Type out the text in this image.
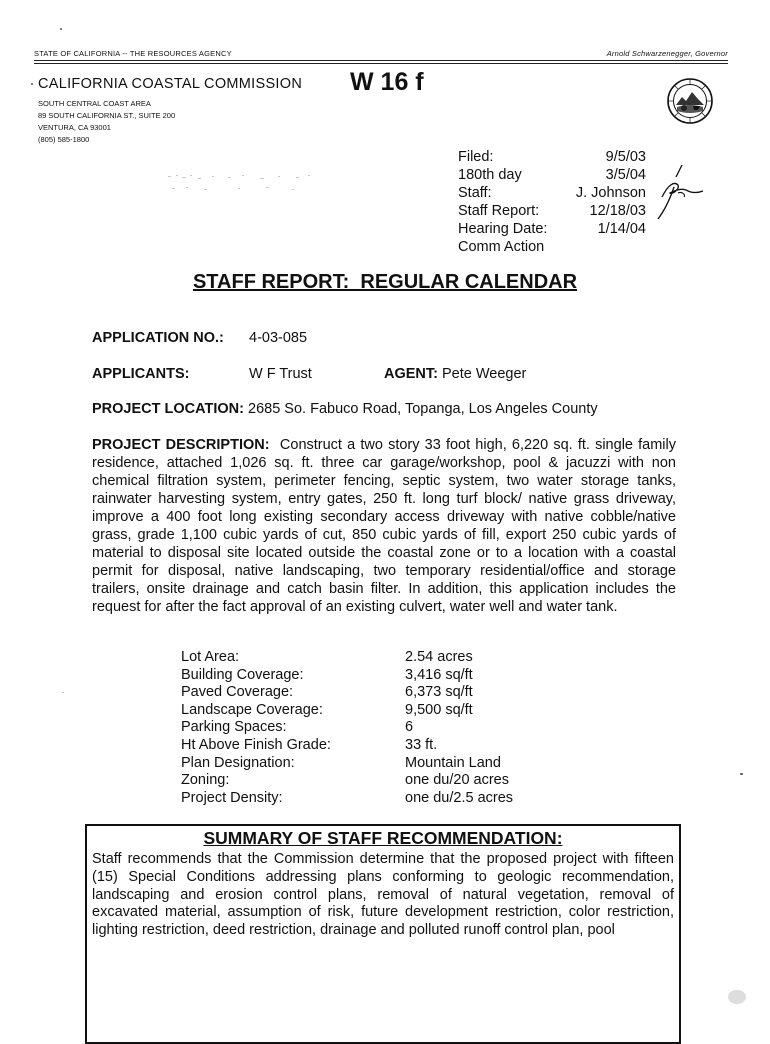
STATE OF CALIFORNIA -- THE RESOURCES AGENCY	Arnold Schwarzenegger, Governor
CALIFORNIA COASTAL COMMISSION W 16 f
SOUTH CENTRAL COAST AREA
89 SOUTH CALIFORNIA ST., SUITE 200
VENTURA, CA 93001
(805) 585-1800
Filed:	9/5/03
180th day	3/5/04
Staff:	J. Johnson
Staff Report:	12/18/03
Hearing Date:	1/14/04
Comm Action
STAFF REPORT:  REGULAR CALENDAR
APPLICATION NO.: 4-03-085
APPLICANTS:	W F Trust	AGENT: Pete Weeger
PROJECT LOCATION: 2685 So. Fabuco Road, Topanga, Los Angeles County
PROJECT DESCRIPTION: Construct a two story 33 foot high, 6,220 sq. ft. single family residence, attached 1,026 sq. ft. three car garage/workshop, pool & jacuzzi with non chemical filtration system, perimeter fencing, septic system, two water storage tanks, rainwater harvesting system, entry gates, 250 ft. long turf block/ native grass driveway, improve a 400 foot long existing secondary access driveway with native cobble/native grass, grade 1,100 cubic yards of cut, 850 cubic yards of fill, export 250 cubic yards of material to disposal site located outside the coastal zone or to a location with a coastal permit for disposal, native landscaping, two temporary residential/office and storage trailers, onsite drainage and catch basin filter. In addition, this application includes the request for after the fact approval of an existing culvert, water well and water tank.
Lot Area:	2.54 acres
Building Coverage:	3,416 sq/ft
Paved Coverage:	6,373 sq/ft
Landscape Coverage:	9,500 sq/ft
Parking Spaces:	6
Ht Above Finish Grade:	33 ft.
Plan Designation:	Mountain Land
Zoning:	one du/20 acres
Project Density:	one du/2.5 acres
SUMMARY OF STAFF RECOMMENDATION:
Staff recommends that the Commission determine that the proposed project with fifteen (15) Special Conditions addressing plans conforming to geologic recommendation, landscaping and erosion control plans, removal of natural vegetation, removal of excavated material, assumption of risk, future development restriction, color restriction, lighting restriction, deed restriction, drainage and polluted runoff control plan, pool
